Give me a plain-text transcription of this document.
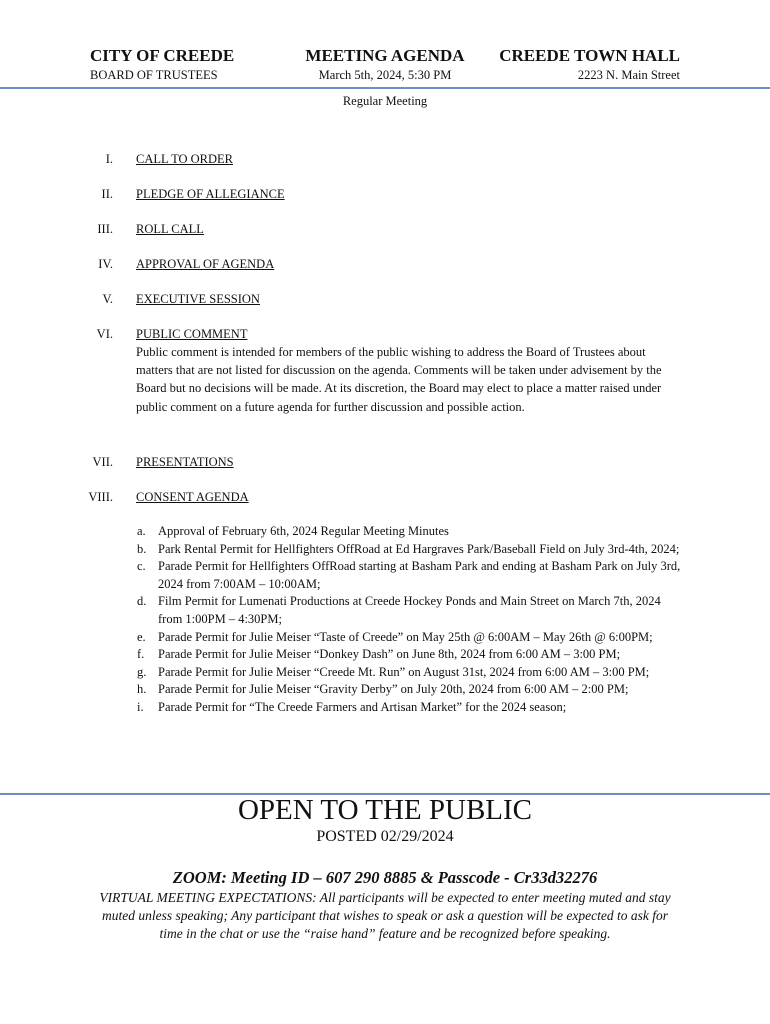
CITY OF CREEDE
BOARD OF TRUSTEES
MEETING AGENDA
March 5th, 2024, 5:30 PM
CREEDE TOWN HALL
2223 N. Main Street
Regular Meeting
I. CALL TO ORDER
II. PLEDGE OF ALLEGIANCE
III. ROLL CALL
IV. APPROVAL OF AGENDA
V. EXECUTIVE SESSION
VI. PUBLIC COMMENT
Public comment is intended for members of the public wishing to address the Board of Trustees about matters that are not listed for discussion on the agenda. Comments will be taken under advisement by the Board but no decisions will be made. At its discretion, the Board may elect to place a matter raised under public comment on a future agenda for further discussion and possible action.
VII. PRESENTATIONS
VIII. CONSENT AGENDA
a. Approval of February 6th, 2024 Regular Meeting Minutes
b. Park Rental Permit for Hellfighters OffRoad at Ed Hargraves Park/Baseball Field on July 3rd-4th, 2024;
c. Parade Permit for Hellfighters OffRoad starting at Basham Park and ending at Basham Park on July 3rd, 2024 from 7:00AM – 10:00AM;
d. Film Permit for Lumenati Productions at Creede Hockey Ponds and Main Street on March 7th, 2024 from 1:00PM – 4:30PM;
e. Parade Permit for Julie Meiser “Taste of Creede” on May 25th @ 6:00AM – May 26th @ 6:00PM;
f. Parade Permit for Julie Meiser “Donkey Dash” on June 8th, 2024 from 6:00 AM – 3:00 PM;
g. Parade Permit for Julie Meiser “Creede Mt. Run” on August 31st, 2024 from 6:00 AM – 3:00 PM;
h. Parade Permit for Julie Meiser “Gravity Derby” on July 20th, 2024 from 6:00 AM – 2:00 PM;
i. Parade Permit for “The Creede Farmers and Artisan Market” for the 2024 season;
OPEN TO THE PUBLIC
POSTED 02/29/2024
ZOOM: Meeting ID – 607 290 8885 & Passcode - Cr33d32276
VIRTUAL MEETING EXPECTATIONS: All participants will be expected to enter meeting muted and stay muted unless speaking; Any participant that wishes to speak or ask a question will be expected to ask for time in the chat or use the “raise hand” feature and be recognized before speaking.
